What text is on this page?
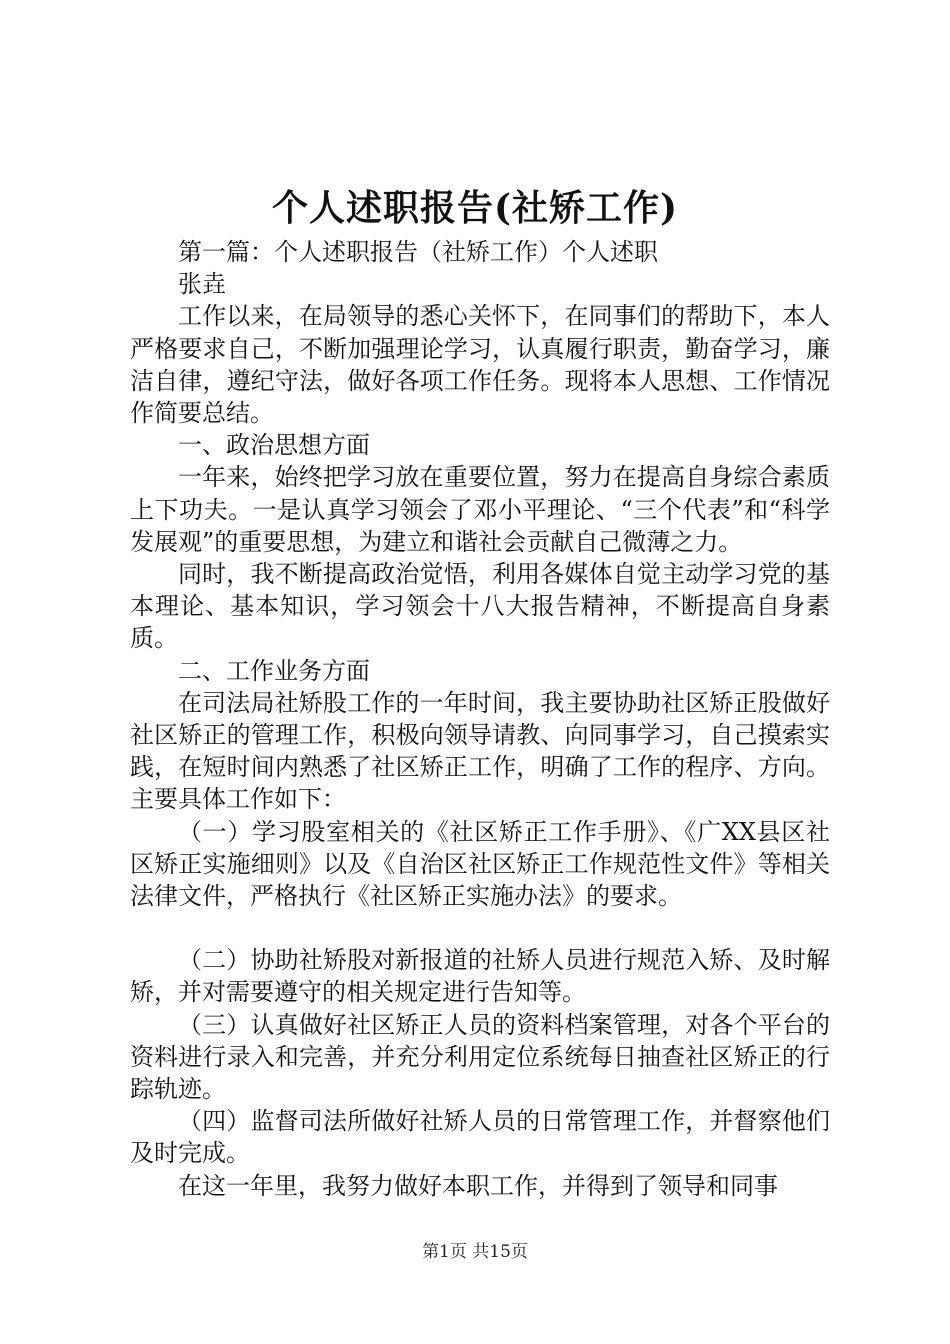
个人述职报告(社矫工作)

第一篇：个人述职报告（社矫工作）个人述职

张垚

工作以来，在局领导的悉心关怀下，在同事们的帮助下，本人严格要求自己，不断加强理论学习，认真履行职责，勤奋学习，廉洁自律，遵纪守法，做好各项工作任务。现将本人思想、工作情况作简要总结。

一、政治思想方面

一年来，始终把学习放在重要位置，努力在提高自身综合素质上下功夫。一是认真学习领会了邓小平理论、“三个代表”和“科学发展观”的重要思想，为建立和谐社会贡献自己微薄之力。

同时，我不断提高政治觉悟，利用各媒体自觉主动学习党的基本理论、基本知识，学习领会十八大报告精神，不断提高自身素质。

二、工作业务方面

在司法局社矫股工作的一年时间，我主要协助社区矫正股做好社区矫正的管理工作，积极向领导请教、向同事学习，自己摸索实践，在短时间内熟悉了社区矫正工作，明确了工作的程序、方向。主要具体工作如下：

（一）学习股室相关的《社区矫正工作手册》、《广XX县区社区矫正实施细则》以及《自治区社区矫正工作规范性文件》等相关法律文件，严格执行《社区矫正实施办法》的要求。

（二）协助社矫股对新报道的社矫人员进行规范入矫、及时解矫，并对需要遵守的相关规定进行告知等。

（三）认真做好社区矫正人员的资料档案管理，对各个平台的资料进行录入和完善，并充分利用定位系统每日抽查社区矫正的行踪轨迹。

（四）监督司法所做好社矫人员的日常管理工作，并督察他们及时完成。

在这一年里，我努力做好本职工作，并得到了领导和同事

第1页 共15页
